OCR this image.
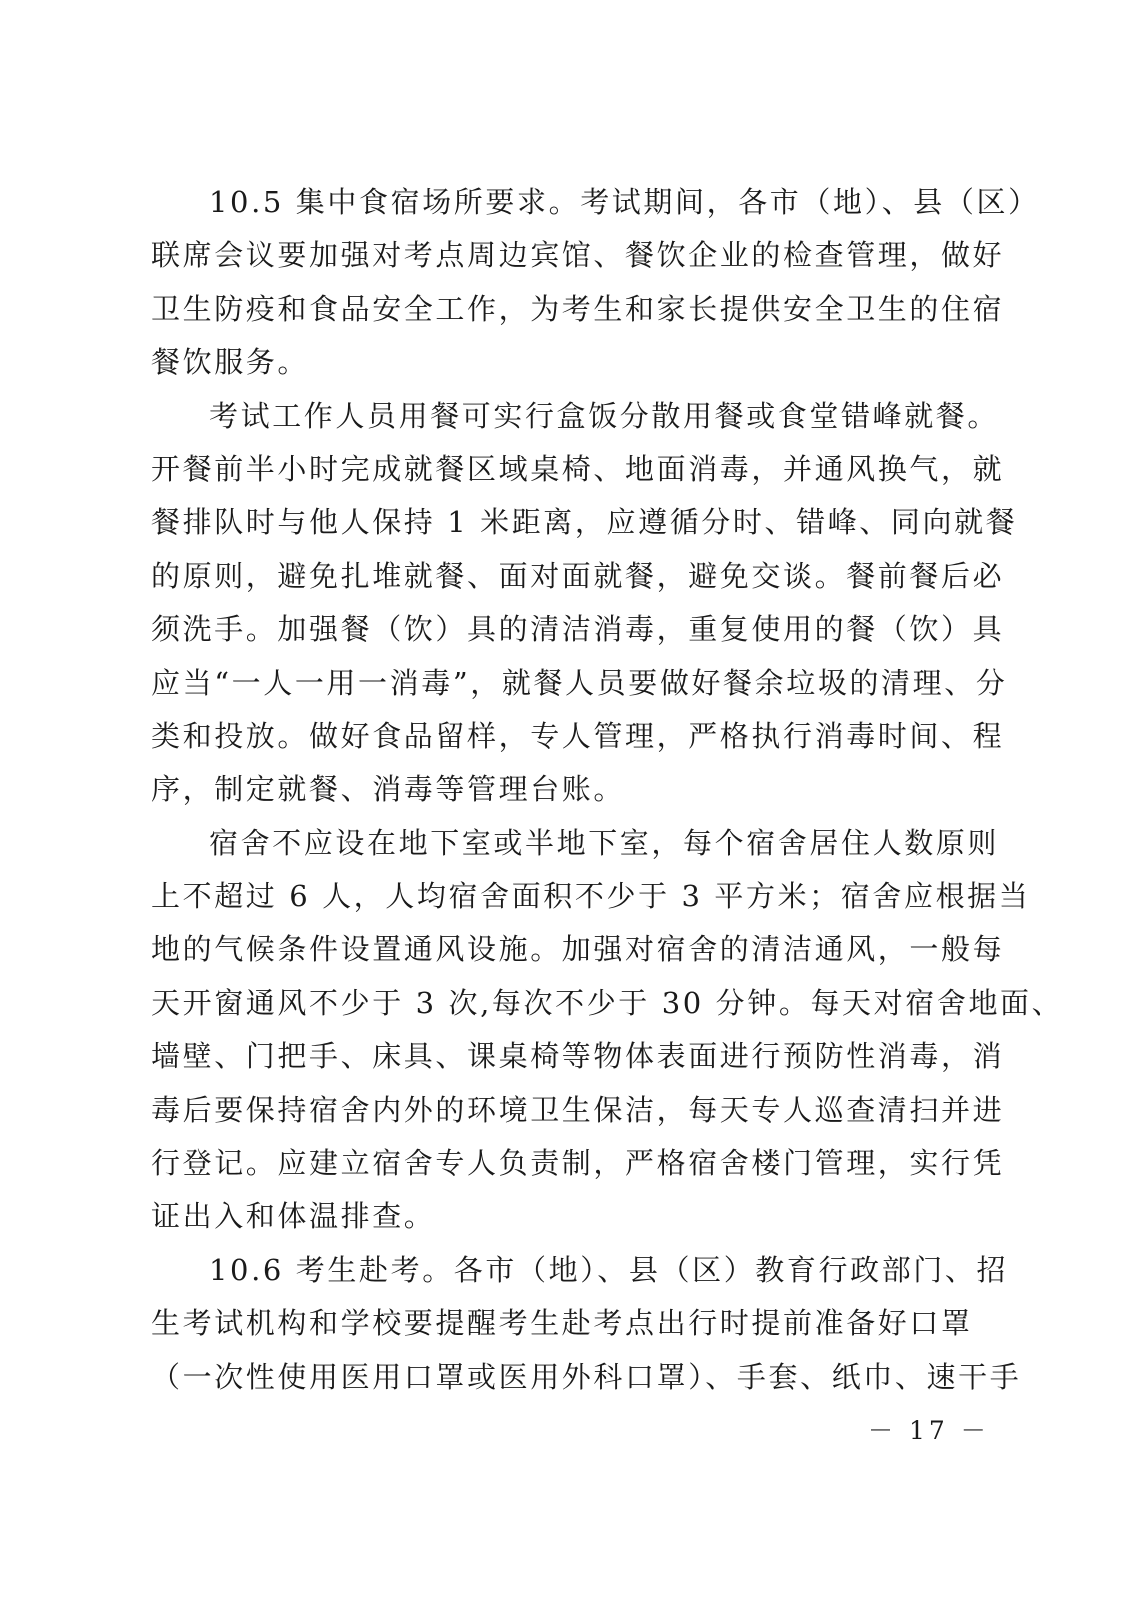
10.5 集中食宿场所要求。考试期间，各市（地）、县（区）
联席会议要加强对考点周边宾馆、餐饮企业的检查管理，做好
卫生防疫和食品安全工作，为考生和家长提供安全卫生的住宿
餐饮服务。
考试工作人员用餐可实行盒饭分散用餐或食堂错峰就餐。
开餐前半小时完成就餐区域桌椅、地面消毒，并通风换气，就
餐排队时与他人保持 1 米距离，应遵循分时、错峰、同向就餐
的原则，避免扎堆就餐、面对面就餐，避免交谈。餐前餐后必
须洗手。加强餐（饮）具的清洁消毒，重复使用的餐（饮）具
应当“一人一用一消毒”，就餐人员要做好餐余垃圾的清理、分
类和投放。做好食品留样，专人管理，严格执行消毒时间、程
序，制定就餐、消毒等管理台账。
宿舍不应设在地下室或半地下室，每个宿舍居住人数原则
上不超过 6 人，人均宿舍面积不少于 3 平方米；宿舍应根据当
地的气候条件设置通风设施。加强对宿舍的清洁通风，一般每
天开窗通风不少于 3 次,每次不少于 30 分钟。每天对宿舍地面、
墙壁、门把手、床具、课桌椅等物体表面进行预防性消毒，消
毒后要保持宿舍内外的环境卫生保洁，每天专人巡查清扫并进
行登记。应建立宿舍专人负责制，严格宿舍楼门管理，实行凭
证出入和体温排查。
10.6 考生赴考。各市（地）、县（区）教育行政部门、招
生考试机构和学校要提醒考生赴考点出行时提前准备好口罩
（一次性使用医用口罩或医用外科口罩）、手套、纸巾、速干手
－ 17 －
